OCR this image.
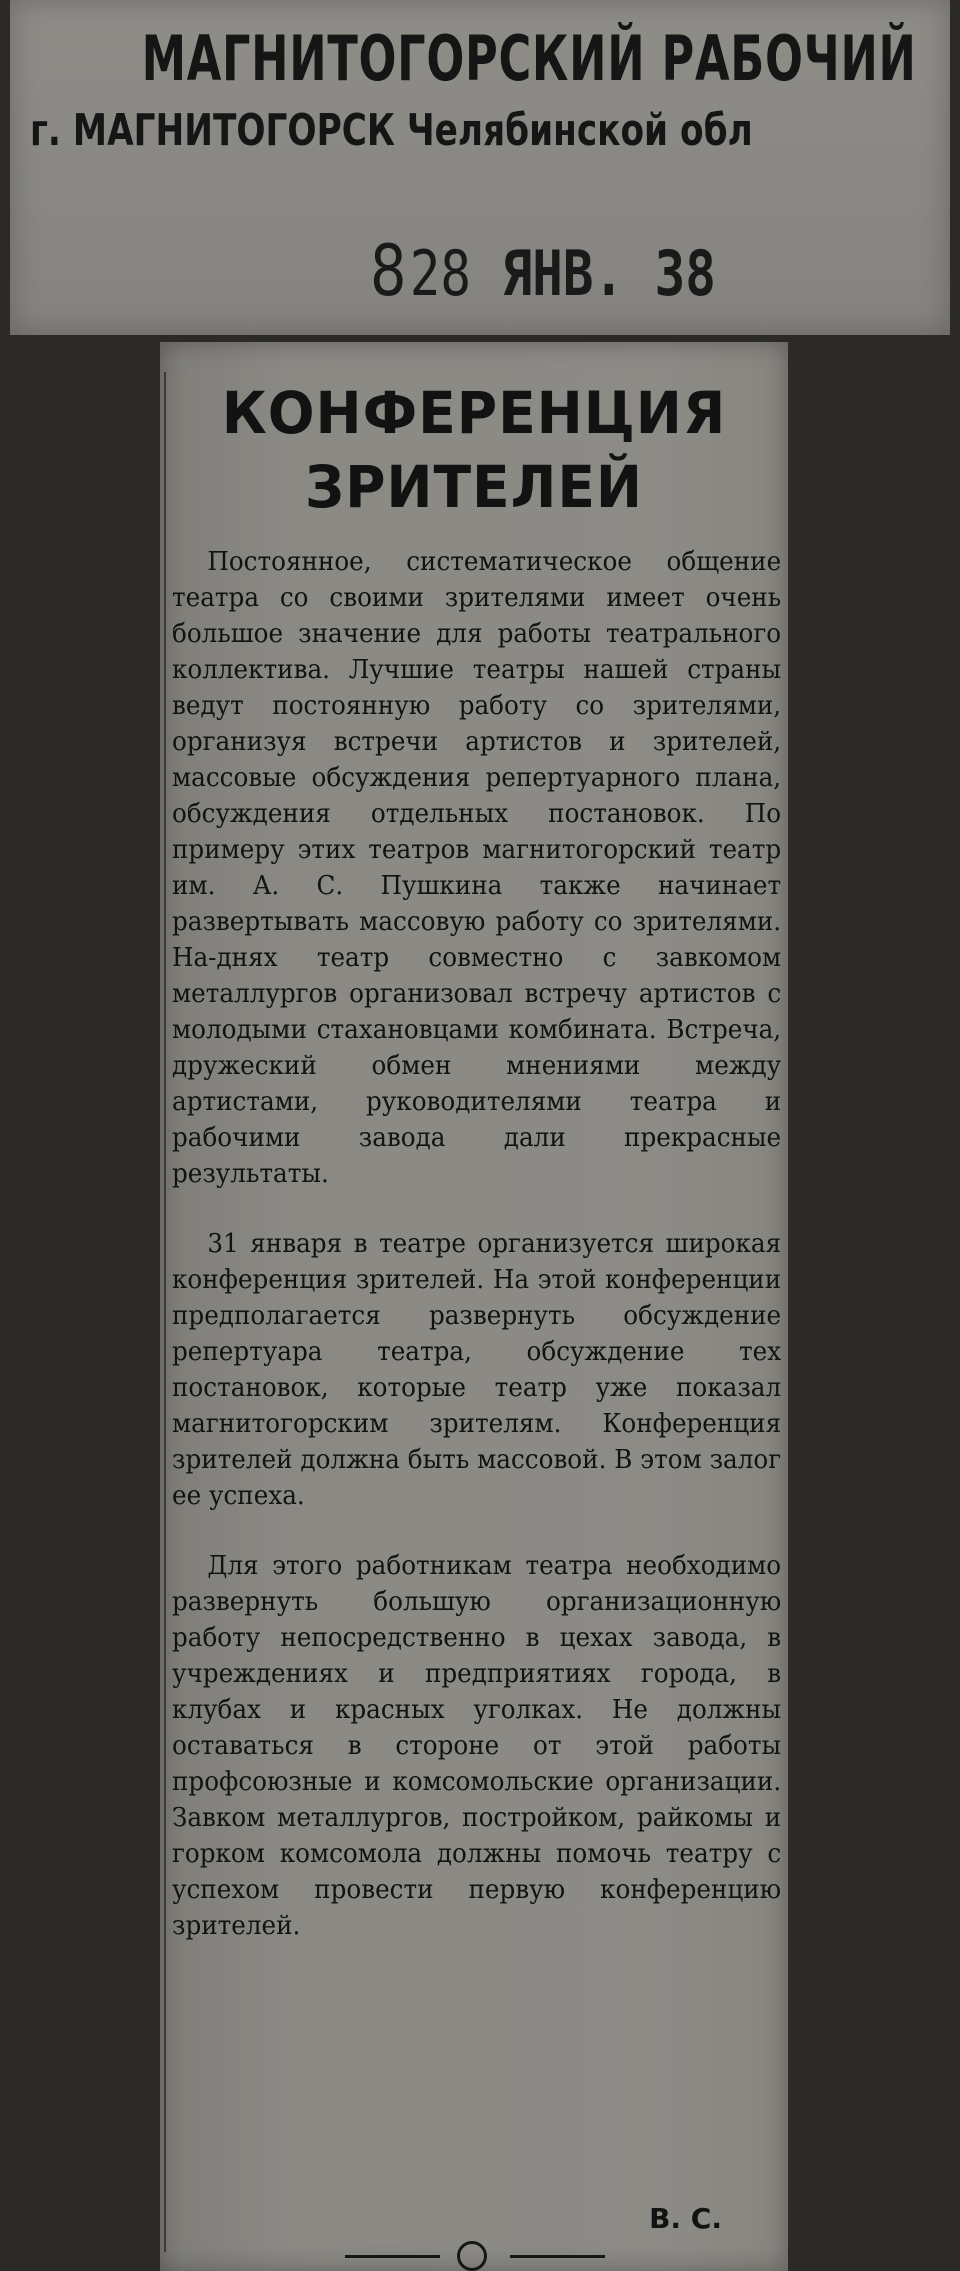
МАГНИТОГОРСКИЙ РАБОЧИЙ
г. МАГНИТОГОРСК Челябинской обл
828 ЯНВ. 38
КОНФЕРЕНЦИЯ
ЗРИТЕЛЕЙ

Постоянное, систематическое общение театра со своими зрителями имеет очень большое значение для работы театрального коллектива. Лучшие театры нашей страны ведут постоянную работу со зрителями, организуя встречи артистов и зрителей, массовые обсуждения репертуарного плана, обсуждения отдельных постановок. По примеру этих театров магнитогорский театр им. А. С. Пушкина также начинает развертывать массовую работу со зрителями. На-днях театр совместно с завкомом металлургов организовал встречу артистов с молодыми стахановцами комбината. Встреча, дружеский обмен мнениями между артистами, руководителями театра и рабочими завода дали прекрасные результаты.

31 января в театре организуется широкая конференция зрителей. На этой конференции предполагается развернуть обсуждение репертуара театра, обсуждение тех постановок, которые театр уже показал магнитогорским зрителям. Конференция зрителей должна быть массовой. В этом залог ее успеха.

Для этого работникам театра необходимо развернуть большую организационную работу непосредственно в цехах завода, в учреждениях и предприятиях города, в клубах и красных уголках. Не должны оставаться в стороне от этой работы профсоюзные и комсомольские организации. Завком металлургов, постройком, райкомы и горком комсомола должны помочь театру с успехом провести первую конференцию зрителей.

В. С.
